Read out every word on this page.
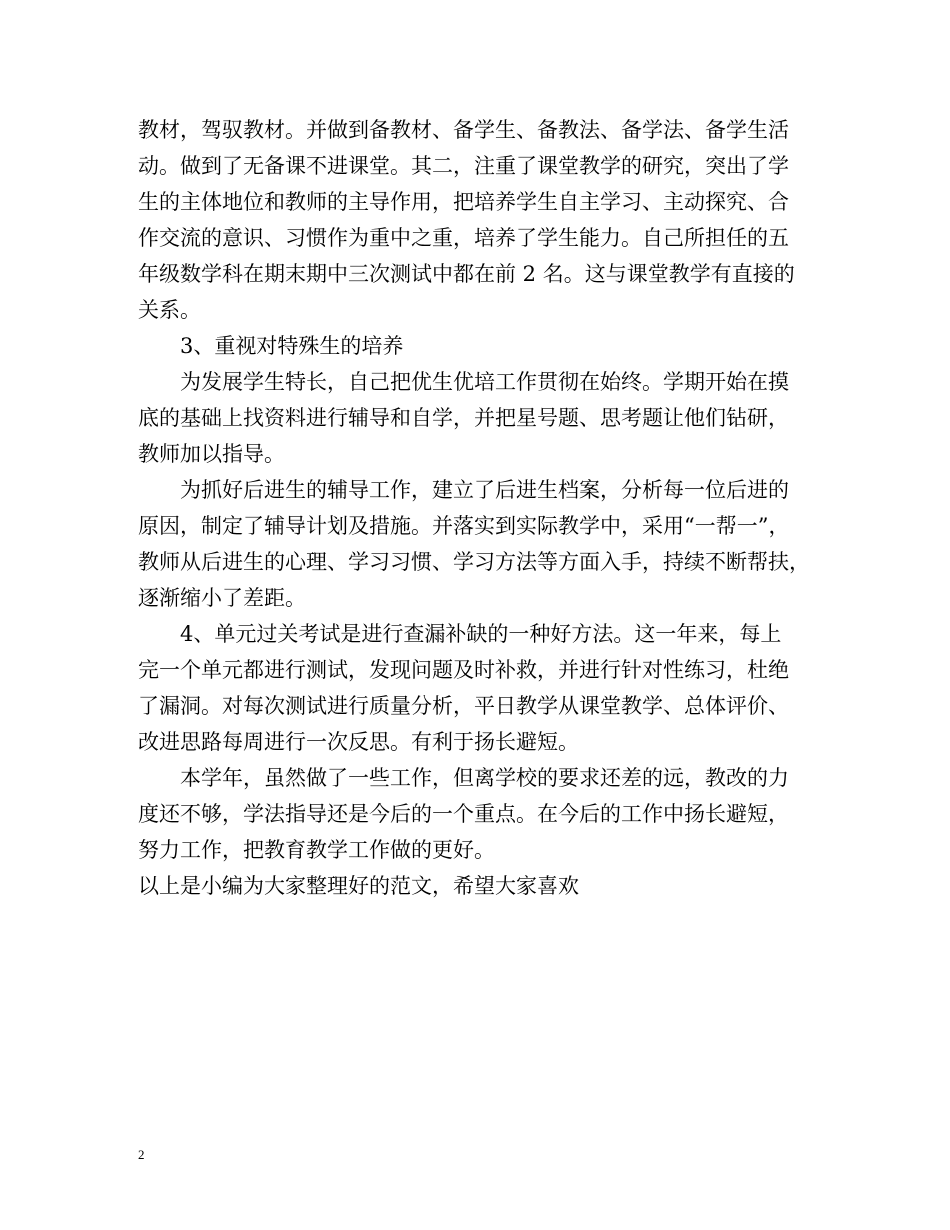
教材，驾驭教材。并做到备教材、备学生、备教法、备学法、备学生活
动。做到了无备课不进课堂。其二，注重了课堂教学的研究，突出了学
生的主体地位和教师的主导作用，把培养学生自主学习、主动探究、合
作交流的意识、习惯作为重中之重，培养了学生能力。自己所担任的五
年级数学科在期末期中三次测试中都在前 2 名。这与课堂教学有直接的
关系。
3、重视对特殊生的培养
为发展学生特长，自己把优生优培工作贯彻在始终。学期开始在摸
底的基础上找资料进行辅导和自学，并把星号题、思考题让他们钻研，
教师加以指导。
为抓好后进生的辅导工作，建立了后进生档案，分析每一位后进的
原因，制定了辅导计划及措施。并落实到实际教学中，采用“一帮一”，
教师从后进生的心理、学习习惯、学习方法等方面入手，持续不断帮扶，
逐渐缩小了差距。
4、单元过关考试是进行查漏补缺的一种好方法。这一年来，每上
完一个单元都进行测试，发现问题及时补救，并进行针对性练习，杜绝
了漏洞。对每次测试进行质量分析，平日教学从课堂教学、总体评价、
改进思路每周进行一次反思。有利于扬长避短。
本学年，虽然做了一些工作，但离学校的要求还差的远，教改的力
度还不够，学法指导还是今后的一个重点。在今后的工作中扬长避短，
努力工作，把教育教学工作做的更好。
以上是小编为大家整理好的范文，希望大家喜欢
2
